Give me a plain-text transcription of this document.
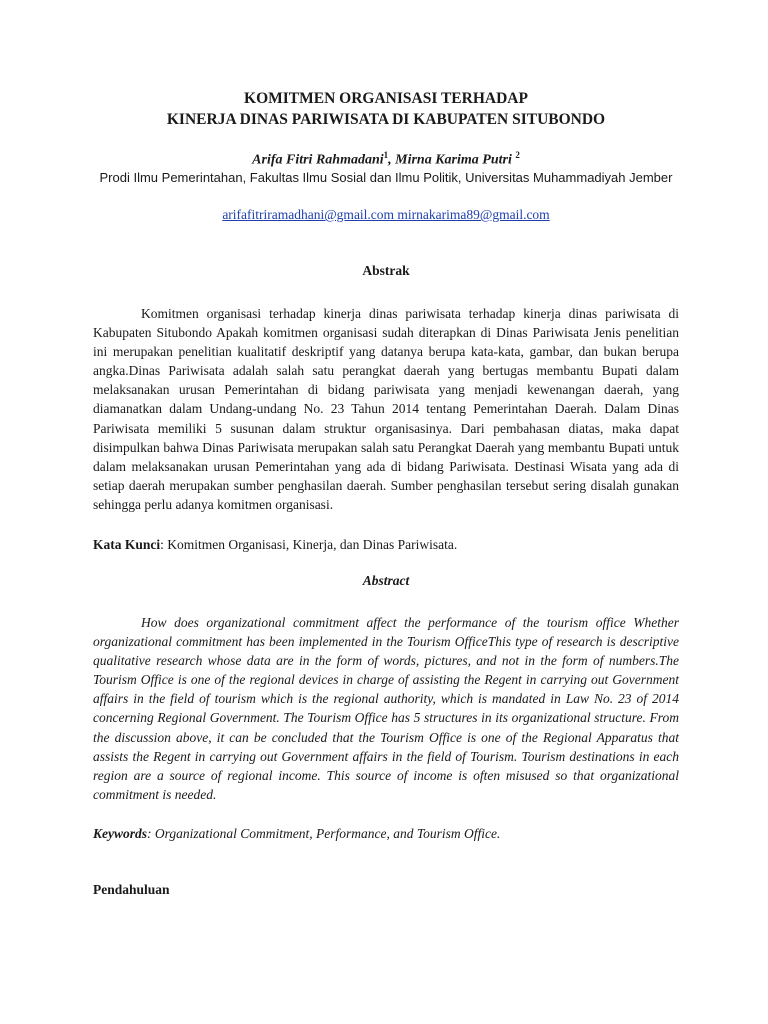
KOMITMEN ORGANISASI TERHADAP
KINERJA DINAS PARIWISATA DI KABUPATEN SITUBONDO
Arifa Fitri Rahmadani$^1$, Mirna Karima Putri $^2$
Prodi Ilmu Pemerintahan, Fakultas Ilmu Sosial dan Ilmu Politik, Universitas Muhammadiyah Jember
arifafitriramadhani@gmail.com mirnakarima89@gmail.com
Abstrak

Komitmen organisasi terhadap kinerja dinas pariwisata terhadap kinerja dinas pariwisata di Kabupaten Situbondo Apakah komitmen organisasi sudah diterapkan di Dinas Pariwisata Jenis penelitian ini merupakan penelitian kualitatif deskriptif yang datanya berupa kata-kata, gambar, dan bukan berupa angka.Dinas Pariwisata adalah salah satu perangkat daerah yang bertugas membantu Bupati dalam melaksanakan urusan Pemerintahan di bidang pariwisata yang menjadi kewenangan daerah, yang diamanatkan dalam Undang-undang No. 23 Tahun 2014 tentang Pemerintahan Daerah. Dalam Dinas Pariwisata memiliki 5 susunan dalam struktur organisasinya. Dari pembahasan diatas, maka dapat disimpulkan bahwa Dinas Pariwisata merupakan salah satu Perangkat Daerah yang membantu Bupati untuk dalam melaksanakan urusan Pemerintahan yang ada di bidang Pariwisata. Destinasi Wisata yang ada di setiap daerah merupakan sumber penghasilan daerah. Sumber penghasilan tersebut sering disalah gunakan sehingga perlu adanya komitmen organisasi.

Kata Kunci: Komitmen Organisasi, Kinerja, dan Dinas Pariwisata.
Abstract

How does organizational commitment affect the performance of the tourism office Whether organizational commitment has been implemented in the Tourism OfficeThis type of research is descriptive qualitative research whose data are in the form of words, pictures, and not in the form of numbers.The Tourism Office is one of the regional devices in charge of assisting the Regent in carrying out Government affairs in the field of tourism which is the regional authority, which is mandated in Law No. 23 of 2014 concerning Regional Government. The Tourism Office has 5 structures in its organizational structure. From the discussion above, it can be concluded that the Tourism Office is one of the Regional Apparatus that assists the Regent in carrying out Government affairs in the field of Tourism. Tourism destinations in each region are a source of regional income. This source of income is often misused so that organizational commitment is needed.

Keywords: Organizational Commitment, Performance, and Tourism Office.
Pendahuluan
